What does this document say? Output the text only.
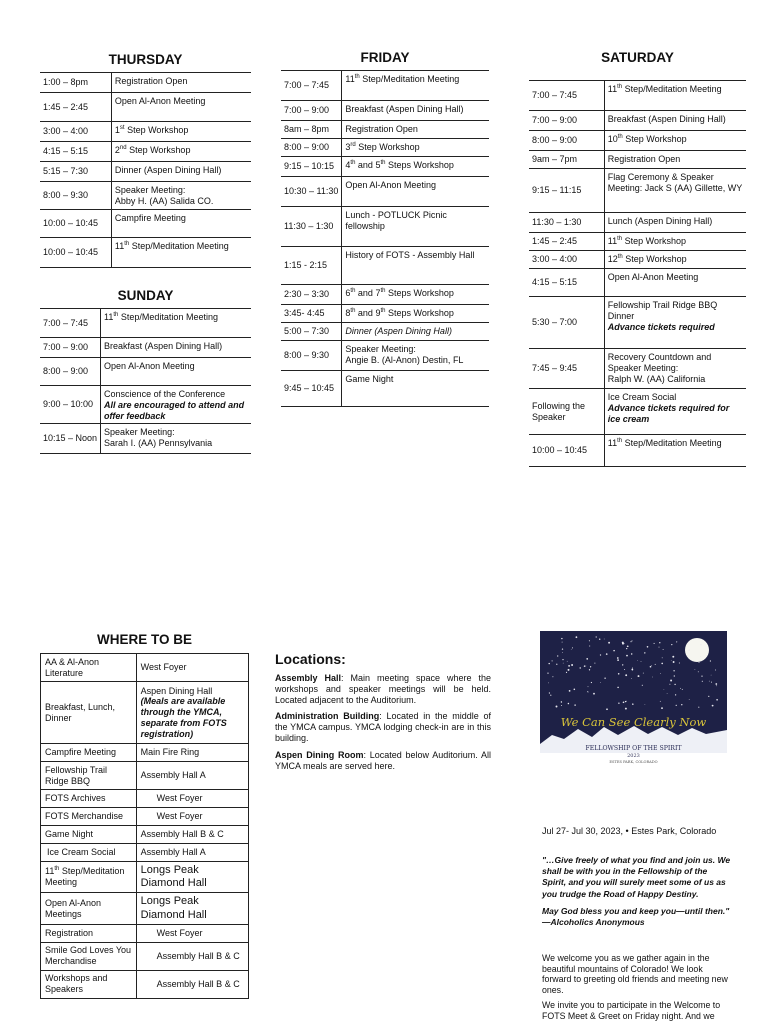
THURSDAY
1:00 – 8pm	Registration Open

1:45 – 2:45	Open Al-Anon Meeting

3:00 – 4:00	1st Step Workshop

4:15 – 5:15	2nd Step Workshop

5:15 – 7:30	Dinner (Aspen Dining Hall)

8:00 – 9:30	Speaker Meeting:
Abby H. (AA) Salida CO.

10:00 – 10:45	Campfire Meeting

10:00 – 10:45	11th Step/Meditation Meeting
SUNDAY
7:00 – 7:45	11th Step/Meditation Meeting

7:00 – 9:00	Breakfast (Aspen Dining Hall)

8:00 – 9:00	Open Al-Anon Meeting

9:00 – 10:00	Conscience of the Conference
All are encouraged to attend and offer feedback

10:15 – Noon	Speaker Meeting:
Sarah I. (AA) Pennsylvania
FRIDAY
7:00 – 7:45	11th Step/Meditation Meeting

7:00 – 9:00	Breakfast (Aspen Dining Hall)

8am – 8pm	Registration Open

8:00 – 9:00	3rd Step Workshop

9:15 – 10:15	4th and 5th Steps Workshop

10:30 – 11:30	Open Al-Anon Meeting

11:30 – 1:30	Lunch - POTLUCK Picnic fellowship

1:15 - 2:15	History of FOTS - Assembly Hall

2:30 – 3:30	6th and 7th Steps Workshop

3:45- 4:45	8th and 9th Steps Workshop

5:00 – 7:30	Dinner (Aspen Dining Hall)

8:00 – 9:30	Speaker Meeting:
Angie B. (Al-Anon) Destin, FL

9:45 – 10:45	Game Night
SATURDAY
7:00 – 7:45	11th Step/Meditation Meeting

7:00 – 9:00	Breakfast (Aspen Dining Hall)

8:00 – 9:00	10th Step Workshop

9am – 7pm	Registration Open

9:15 – 11:15	Flag Ceremony & Speaker Meeting: Jack S (AA) Gillette, WY

11:30 – 1:30	Lunch (Aspen Dining Hall)

1:45 – 2:45	11th Step Workshop

3:00 – 4:00	12th Step Workshop

4:15 – 5:15	Open Al-Anon Meeting

5:30 – 7:00	Fellowship Trail Ridge BBQ Dinner
Advance tickets required

7:45 – 9:45	Recovery Countdown and Speaker Meeting:
Ralph W. (AA) California

Following the Speaker	Ice Cream Social
Advance tickets required for ice cream

10:00 – 10:45	11th Step/Meditation Meeting
WHERE TO BE
AA & Al-Anon Literature	West Foyer

Breakfast, Lunch, Dinner	Aspen Dining Hall
(Meals are available through the YMCA, separate from FOTS registration)

Campfire Meeting	Main Fire Ring

Fellowship Trail Ridge BBQ	Assembly Hall A

FOTS Archives	West Foyer

FOTS Merchandise	West Foyer

Game Night	Assembly Hall B & C

Ice Cream Social	Assembly Hall A

11th Step/Meditation Meeting	Longs Peak Diamond Hall

Open Al-Anon Meetings	Longs Peak Diamond Hall

Registration	West Foyer

Smile God Loves You Merchandise	Assembly Hall B & C

Workshops and Speakers	Assembly Hall B & C
Locations:

Assembly Hall: Main meeting space where the workshops and speaker meetings will be held. Located adjacent to the Auditorium.

Administration Building: Located in the middle of the YMCA campus. YMCA lodging check-in are in this building.

Aspen Dining Room: Located below Auditorium. All YMCA meals are served here.

We Can See Clearly Now
FELLOWSHIP OF THE SPIRIT
2023
ESTES PARK, COLORADO
Jul 27- Jul 30, 2023, • Estes Park, Colorado

"…Give freely of what you find and join us. We shall be with you in the Fellowship of the Spirit, and you will surely meet some of us as you trudge the Road of Happy Destiny.

May God bless you and keep you—until then." —Alcoholics Anonymous

We welcome you as we gather again in the beautiful mountains of Colorado! We look forward to greeting old friends and meeting new ones.

We invite you to participate in the Welcome to FOTS Meet & Greet on Friday night. And we
